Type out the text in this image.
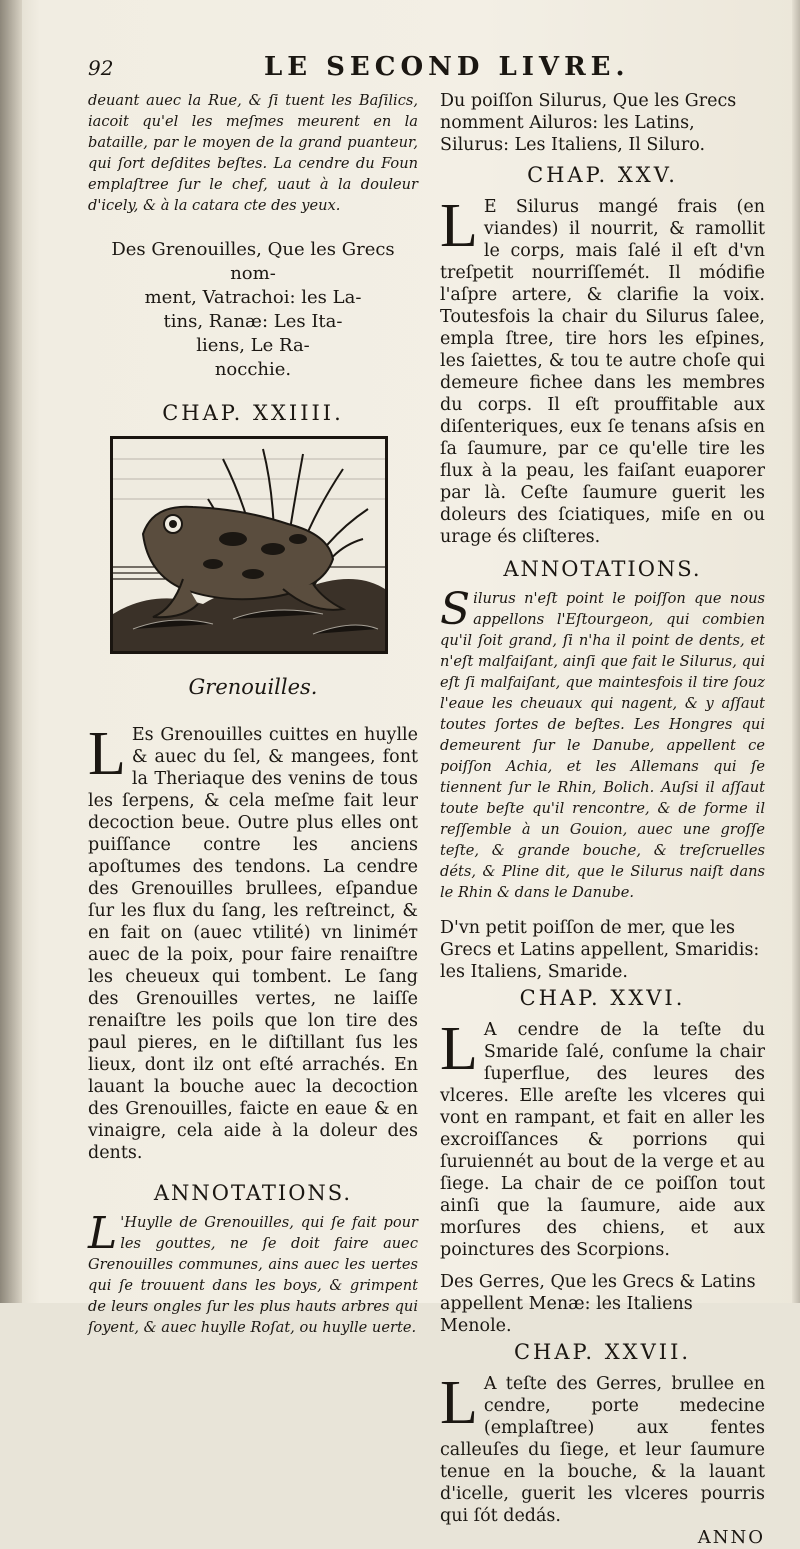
92	LE SECOND LIVRE.

deuant auec la Rue, & ſi tuent les Baſilics, iacoit qu'el les meſmes meurent en la bataille, par le moyen de la grand puanteur, qui ſort deſdites beſtes. La cendre du Foun emplaſtree ſur le chef, uaut à la douleur d'icely, & à la catara cte des yeux.

Des Grenouilles, Que les Grecs nom-
ment, Vatrachoi: les La-
tins, Ranæ: Les Ita-
liens, Le Ra-
nocchie.
CHAP. XXIIII.
Grenouilles.
L Es Grenouilles cuittes en huylle & auec du ſel, & mangees, font la Theriaque des venins de tous les ſerpens, & cela meſme fait leur decoction beue. Outre plus elles ont puiſſance contre les anciens apoſtumes des tendons. La cendre des Grenouilles brullees, eſpandue ſur les flux du ſang, les reſtreinct, & en fait on (auec vtilité) vn liniméт auec de la poix, pour faire renaiſtre les cheueux qui tombent. Le ſang des Grenouilles vertes, ne laiſſe renaiſtre les poils que lon tire des paul pieres, en le diſtillant ſus les lieux, dont ilz ont eſté arrachés. En lauant la bouche auec la decoction des Grenouilles, faicte en eaue & en vinaigre, cela aide à la doleur des dents.
ANNOTATIONS.
L 'Huylle de Grenouilles, qui ſe fait pour les gouttes, ne ſe doit faire auec Grenouilles communes, ains auec les uertes qui ſe trouuent dans les boys, & grimpent de leurs ongles ſur les plus hauts arbres qui ſoyent, & auec huylle Roſat, ou huylle uerte.

Du poiſſon Silurus, Que les Grecs nomment Ailuros: les Latins, Silurus: Les Italiens, Il Siluro.

CHAP. XXV.
L E Silurus mangé frais (en viandes) il nourrit, & ramollit le corps, mais ſalé il eſt d'vn treſpetit nourriſſemét. Il módifie l'aſpre artere, & clarifie la voix. Toutesfois la chair du Silurus ſalee, empla ſtree, tire hors les eſpines, les ſaiettes, & tou te autre choſe qui demeure fichee dans les membres du corps. Il eſt prouffitable aux diſenteriques, eux ſe tenans aſsis en ſa ſaumure, par ce qu'elle tire les flux à la peau, les faiſant euaporer par là. Ceſte ſaumure guerit les doleurs des ſciatiques, miſe en ou urage és cliſteres.
ANNOTATIONS.
S ilurus n'eſt point le poiſſon que nous appellons l'Eſtourgeon, qui combien qu'il ſoit grand, ſi n'ha il point de dents, et n'eſt malfaiſant, ainſi que fait le Silurus, qui eſt ſi malfaiſant, que maintesfois il tire ſouz l'eaue les cheuaux qui nagent, & y aſſaut toutes ſortes de beſtes. Les Hongres qui demeurent ſur le Danube, appellent ce poiſſon Achia, et les Allemans qui ſe tiennent ſur le Rhin, Bolich. Auſsi il aſſaut toute beſte qu'il rencontre, & de forme il reſſemble à un Gouion, auec une groſſe teſte, & grande bouche, & treſcruelles déts, & Pline dit, que le Silurus naiſt dans le Rhin & dans le Danube.

D'vn petit poiſſon de mer, que les Grecs et Latins appellent, Smaridis: les Italiens, Smaride.

CHAP. XXVI.
L A cendre de la teſte du Smaride ſalé, conſume la chair ſuperflue, des leures des vlceres. Elle areſte les vlceres qui vont en rampant, et fait en aller les excroiſſances & porrions qui ſuruiennét au bout de la verge et au ſiege. La chair de ce poiſſon tout ainſi que la ſaumure, aide aux morſures des chiens, et aux poinctures des Scorpions.

Des Gerres, Que les Grecs & Latins appellent Menæ: les Italiens Menole.

CHAP. XXVII.
L A teſte des Gerres, brullee en cendre, porte medecine (emplaſtree) aux fentes calleuſes du ſiege, et leur ſaumure tenue en la bouche, & la lauant d'icelle, guerit les vlceres pourris qui ſót dedás.
ANNO
